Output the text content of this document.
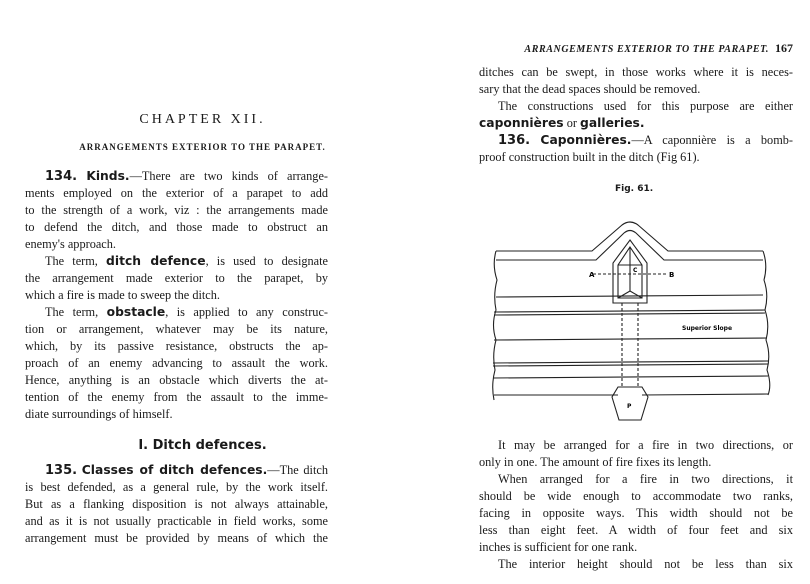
CHAPTER XII.
ARRANGEMENTS EXTERIOR TO THE PARAPET.
134. Kinds.—There are two kinds of arrange-
ments employed on the exterior of a parapet to add
to the strength of a work, viz : the arrangements made
to defend the ditch, and those made to obstruct an
enemy's approach.
The term, ditch defence, is used to designate
the arrangement made exterior to the parapet, by
which a fire is made to sweep the ditch.
The term, obstacle, is applied to any construc-
tion or arrangement, whatever may be its nature,
which, by its passive resistance, obstructs the ap-
proach of an enemy advancing to assault the work.
Hence, anything is an obstacle which diverts the at-
tention of the enemy from the assault to the imme-
diate surroundings of himself.
I. Ditch defences.
135. Classes of ditch defences.—The ditch
is best defended, as a general rule, by the work itself.
But as a flanking disposition is not always attainable,
and as it is not usually practicable in field works, some
arrangement must be provided by means of which the
ARRANGEMENTS EXTERIOR TO THE PARAPET. 167
ditches can be swept, in those works where it is neces-
sary that the dead spaces should be removed.
The constructions used for this purpose are either
caponnières or galleries.
136. Caponnières.—A caponnière is a bomb-
proof construction built in the ditch (Fig 61).
Fig. 61.
A	B
C
P
Superior Slope
It may be arranged for a fire in two directions, or
only in one. The amount of fire fixes its length.
When arranged for a fire in two directions, it
should be wide enough to accommodate two ranks,
facing in opposite ways. This width should not be
less than eight feet. A width of four feet and six
inches is sufficient for one rank.
The interior height should not be less than six
